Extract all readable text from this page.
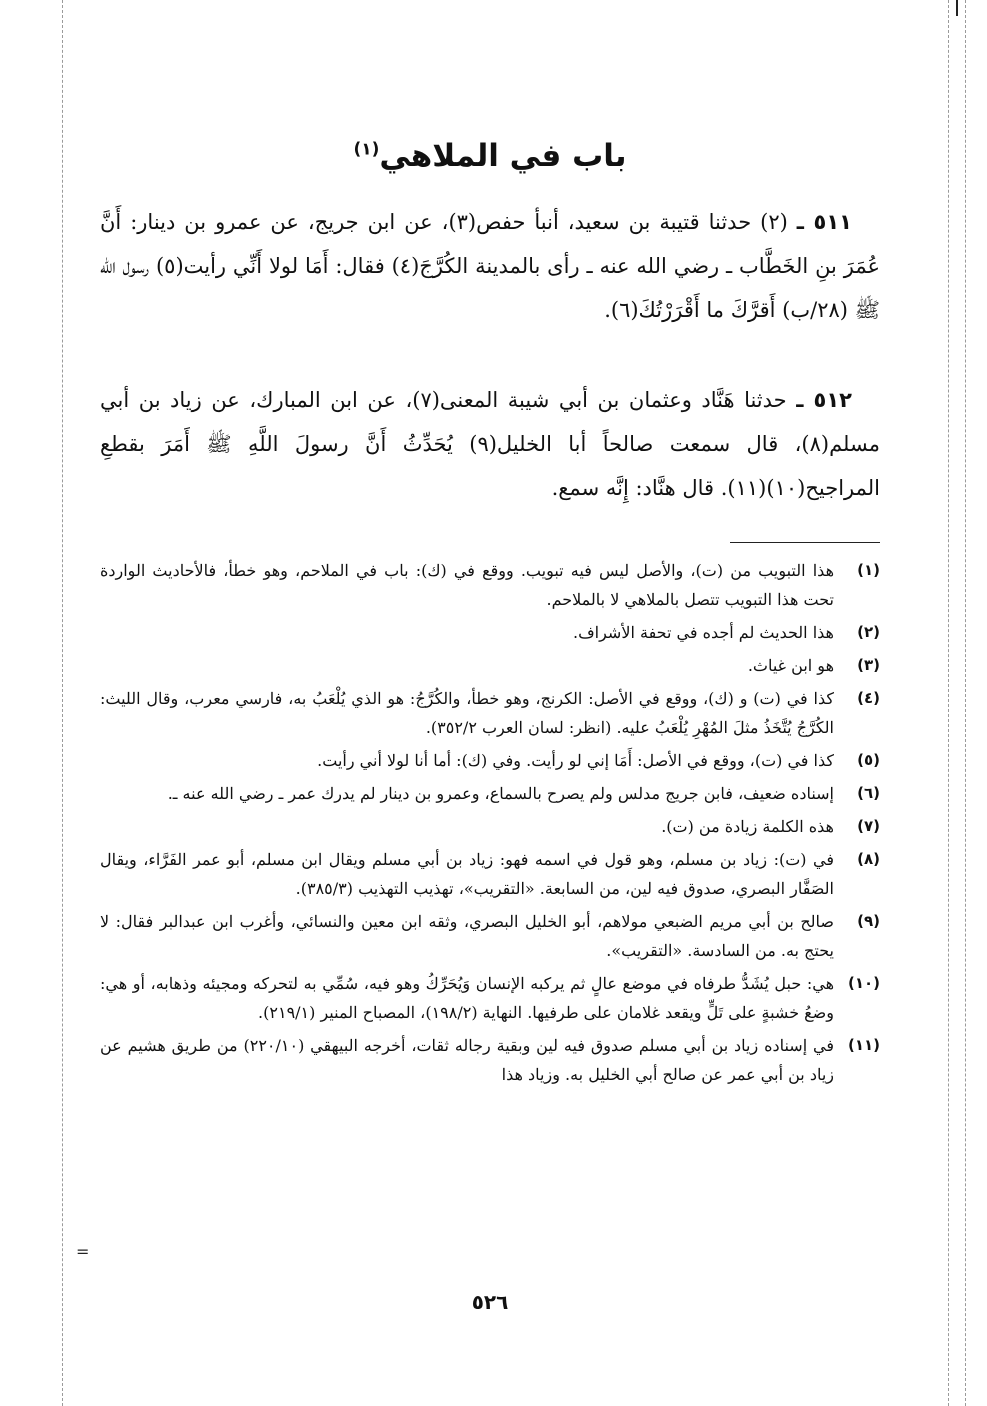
باب في الملاهي$^{(١)}$

٥١١ ـ (٢) حدثنا قتيبة بن سعيد، أنبأ حفص(٣)، عن ابن جريج، عن عمرو بن دينار: أَنَّ عُمَرَ بنِ الخَطَّاب ـ رضي الله عنه ـ رأى بالمدينة الكُرَّجَ(٤) فقال: أَمَا لولا أَنِّي رأيت(٥) رسول الله ﷺ (٢٨/ب) أَقرَّكَ ما أَقْرَرْتُكَ(٦).

٥١٢ ـ حدثنا هَنَّاد وعثمان بن أبي شيبة المعنى(٧)، عن ابن المبارك، عن زياد بن أبي مسلم(٨)، قال سمعت صالحاً أبا الخليل(٩) يُحَدِّثُ أَنَّ رسولَ اللَّهِ ﷺ أَمَرَ بقطعِ المراجيح(١٠)(١١). قال هنَّاد: إِنَّه سمع.

(١)
هذا التبويب من (ت)، والأصل ليس فيه تبويب. ووقع في (ك): باب في الملاحم، وهو خطأ، فالأحاديث الواردة تحت هذا التبويب تتصل بالملاهي لا بالملاحم.
(٢)
هذا الحديث لم أجده في تحفة الأشراف.
(٣)
هو ابن غياث.
(٤)
كذا في (ت) و (ك)، ووقع في الأصل: الكرنج، وهو خطأ، والكُرَّجُ: هو الذي يُلْعَبُ به، فارسي معرب، وقال الليث: الكُرَّجُ يُتَّخَذُ مثلَ المُهْرِ يُلْعَبُ عليه. (انظر: لسان العرب ٣٥٢/٢).
(٥)
كذا في (ت)، ووقع في الأصل: أَمَا إني لو رأيت. وفي (ك): أما أنا لولا أني رأيت.
(٦)
إسناده ضعيف، فابن جريج مدلس ولم يصرح بالسماع، وعمرو بن دينار لم يدرك عمر ـ رضي الله عنه ـ.
(٧)
هذه الكلمة زيادة من (ت).
(٨)
في (ت): زياد بن مسلم، وهو قول في اسمه فهو: زياد بن أبي مسلم ويقال ابن مسلم، أبو عمر الفَرَّاء، ويقال الصَفَّار البصري، صدوق فيه لين، من السابعة. «التقريب»، تهذيب التهذيب (٣٨٥/٣).
(٩)
صالح بن أبي مريم الضبعي مولاهم، أبو الخليل البصري، وثقه ابن معين والنسائي، وأغرب ابن عبدالبر فقال: لا يحتج به. من السادسة. «التقريب».
(١٠)
هي: حبل يُشَدُّ طرفاه في موضع عالٍ ثم يركبه الإنسان وَيُحَرِّكُ وهو فيه، سُمِّي به لتحركه ومجيئه وذهابه، أو هي: وضعُ خشبةٍ على تَلٍّ ويقعد غلامان على طرفيها. النهاية (١٩٨/٢)، المصباح المنير (٢١٩/١).
(١١)
في إسناده زياد بن أبي مسلم صدوق فيه لين وبقية رجاله ثقات، أخرجه البيهقي (٢٢٠/١٠) من طريق هشيم عن زياد بن أبي عمر عن صالح أبي الخليل به. وزياد هذا
٥٢٦
=
